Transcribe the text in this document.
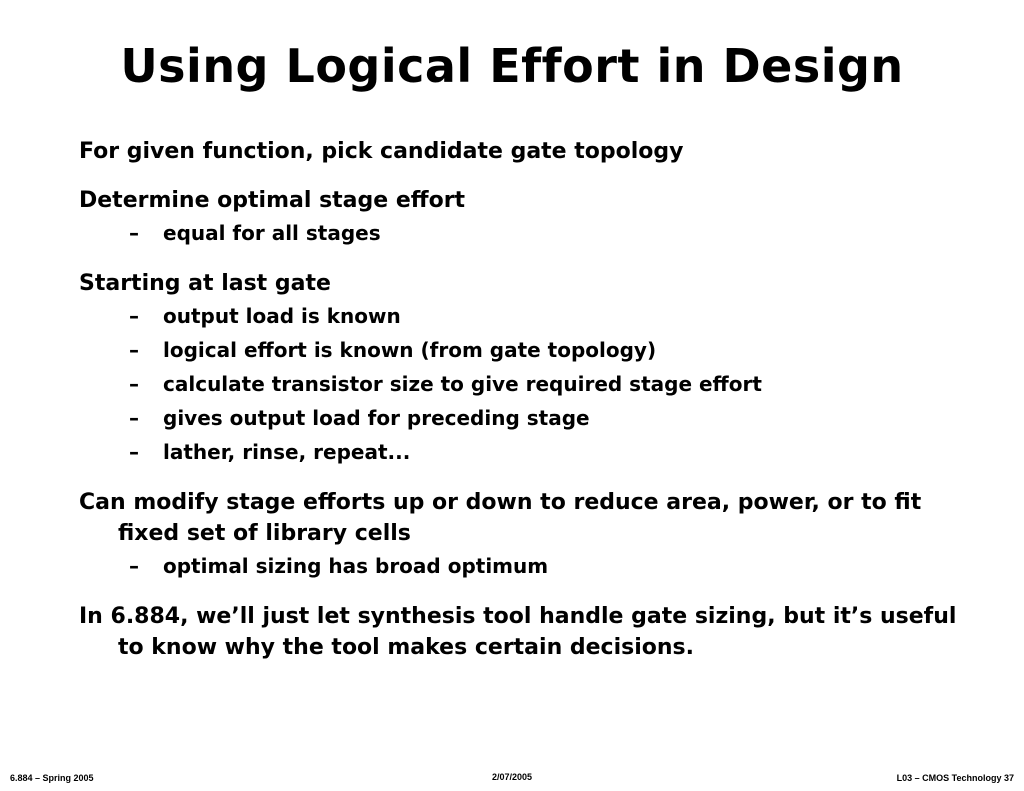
Using Logical Effort in Design
For given function, pick candidate gate topology
Determine optimal stage effort
– equal for all stages
Starting at last gate
– output load is known
– logical effort is known (from gate topology)
– calculate transistor size to give required stage effort
– gives output load for preceding stage
– lather, rinse, repeat...
Can modify stage efforts up or down to reduce area, power, or to fit fixed set of library cells
– optimal sizing has broad optimum
In 6.884, we’ll just let synthesis tool handle gate sizing, but it’s useful to know why the tool makes certain decisions.
6.884 – Spring 2005	2/07/2005	L03 – CMOS Technology 37
